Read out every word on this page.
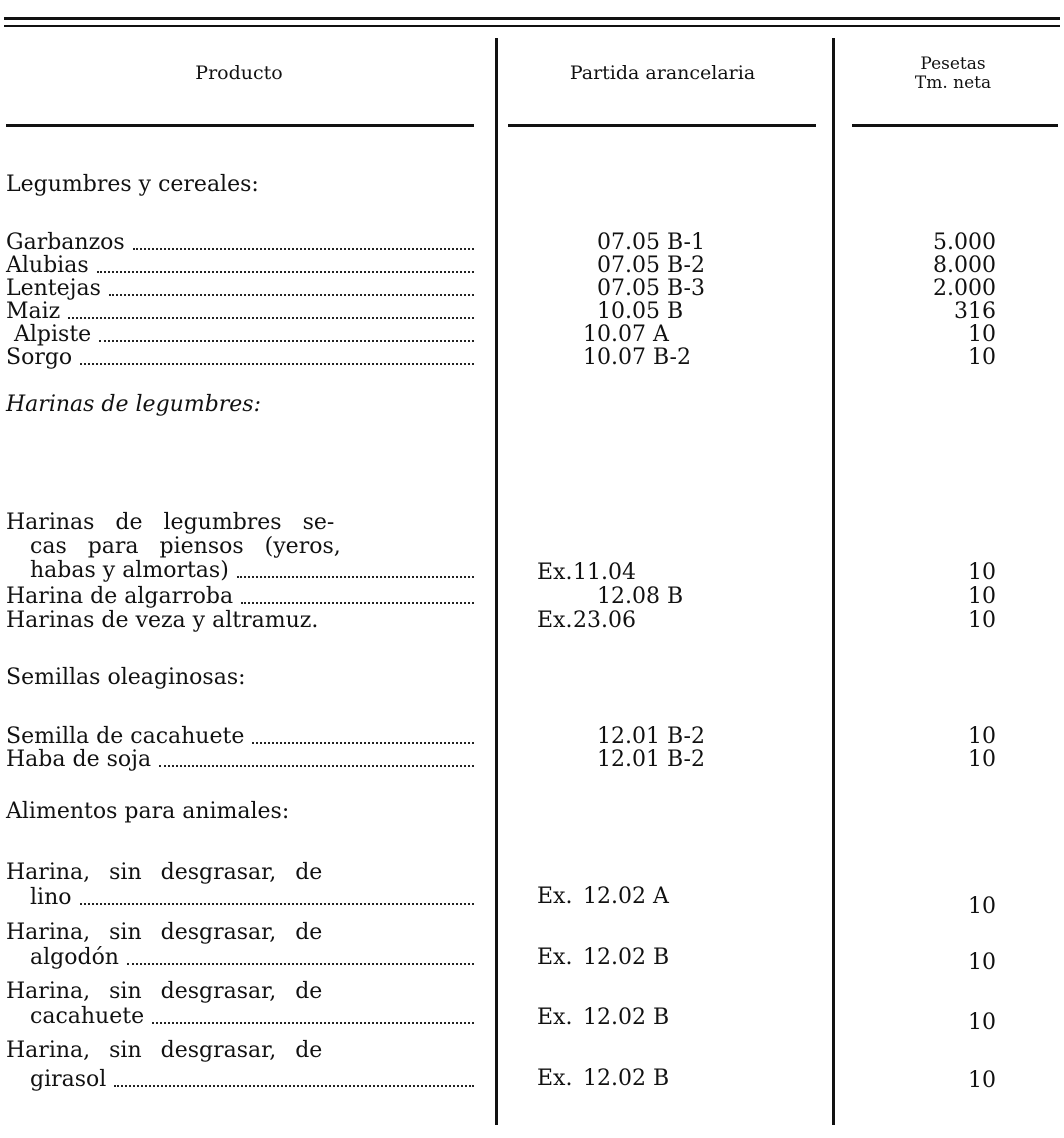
Producto	Partida arancelaria	Pesetas
Tm. neta
Legumbres y cereales:
Garbanzos	07.05 B-1	5.000
Alubias	07.05 B-2	8.000
Lentejas	07.05 B-3	2.000
Maiz	10.05 B	316
Alpiste	10.07 A	10
Sorgo	10.07 B-2	10
Harinas de legumbres:
Harinas de legumbres se-
cas para piensos (yeros,
habas y almortas)	Ex. 11.04	10
Harina de algarroba	12.08 B	10
Harinas de veza y altramuz.	Ex. 23.06	10
Semillas oleaginosas:
Semilla de cacahuete	12.01 B-2	10
Haba de soja	12.01 B-2	10
Alimentos para animales:
Harina, sin desgrasar, de
lino	Ex. 12.02 A	10
Harina, sin desgrasar, de
algodón	Ex. 12.02 B	10
Harina, sin desgrasar, de
cacahuete	Ex. 12.02 B	10
Harina, sin desgrasar, de
girasol	Ex. 12.02 B	10
